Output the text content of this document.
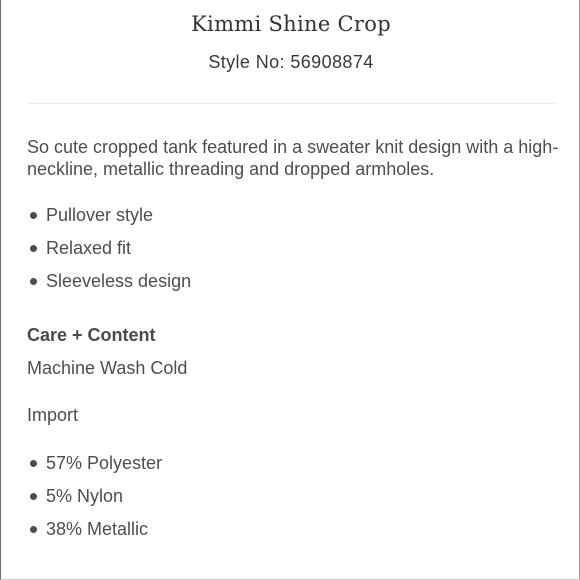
Kimmi Shine Crop
Style No: 56908874
So cute cropped tank featured in a sweater knit design with a high-neckline, metallic threading and dropped armholes.
Pullover style
Relaxed fit
Sleeveless design
Care + Content
Machine Wash Cold
Import
57% Polyester
5% Nylon
38% Metallic
